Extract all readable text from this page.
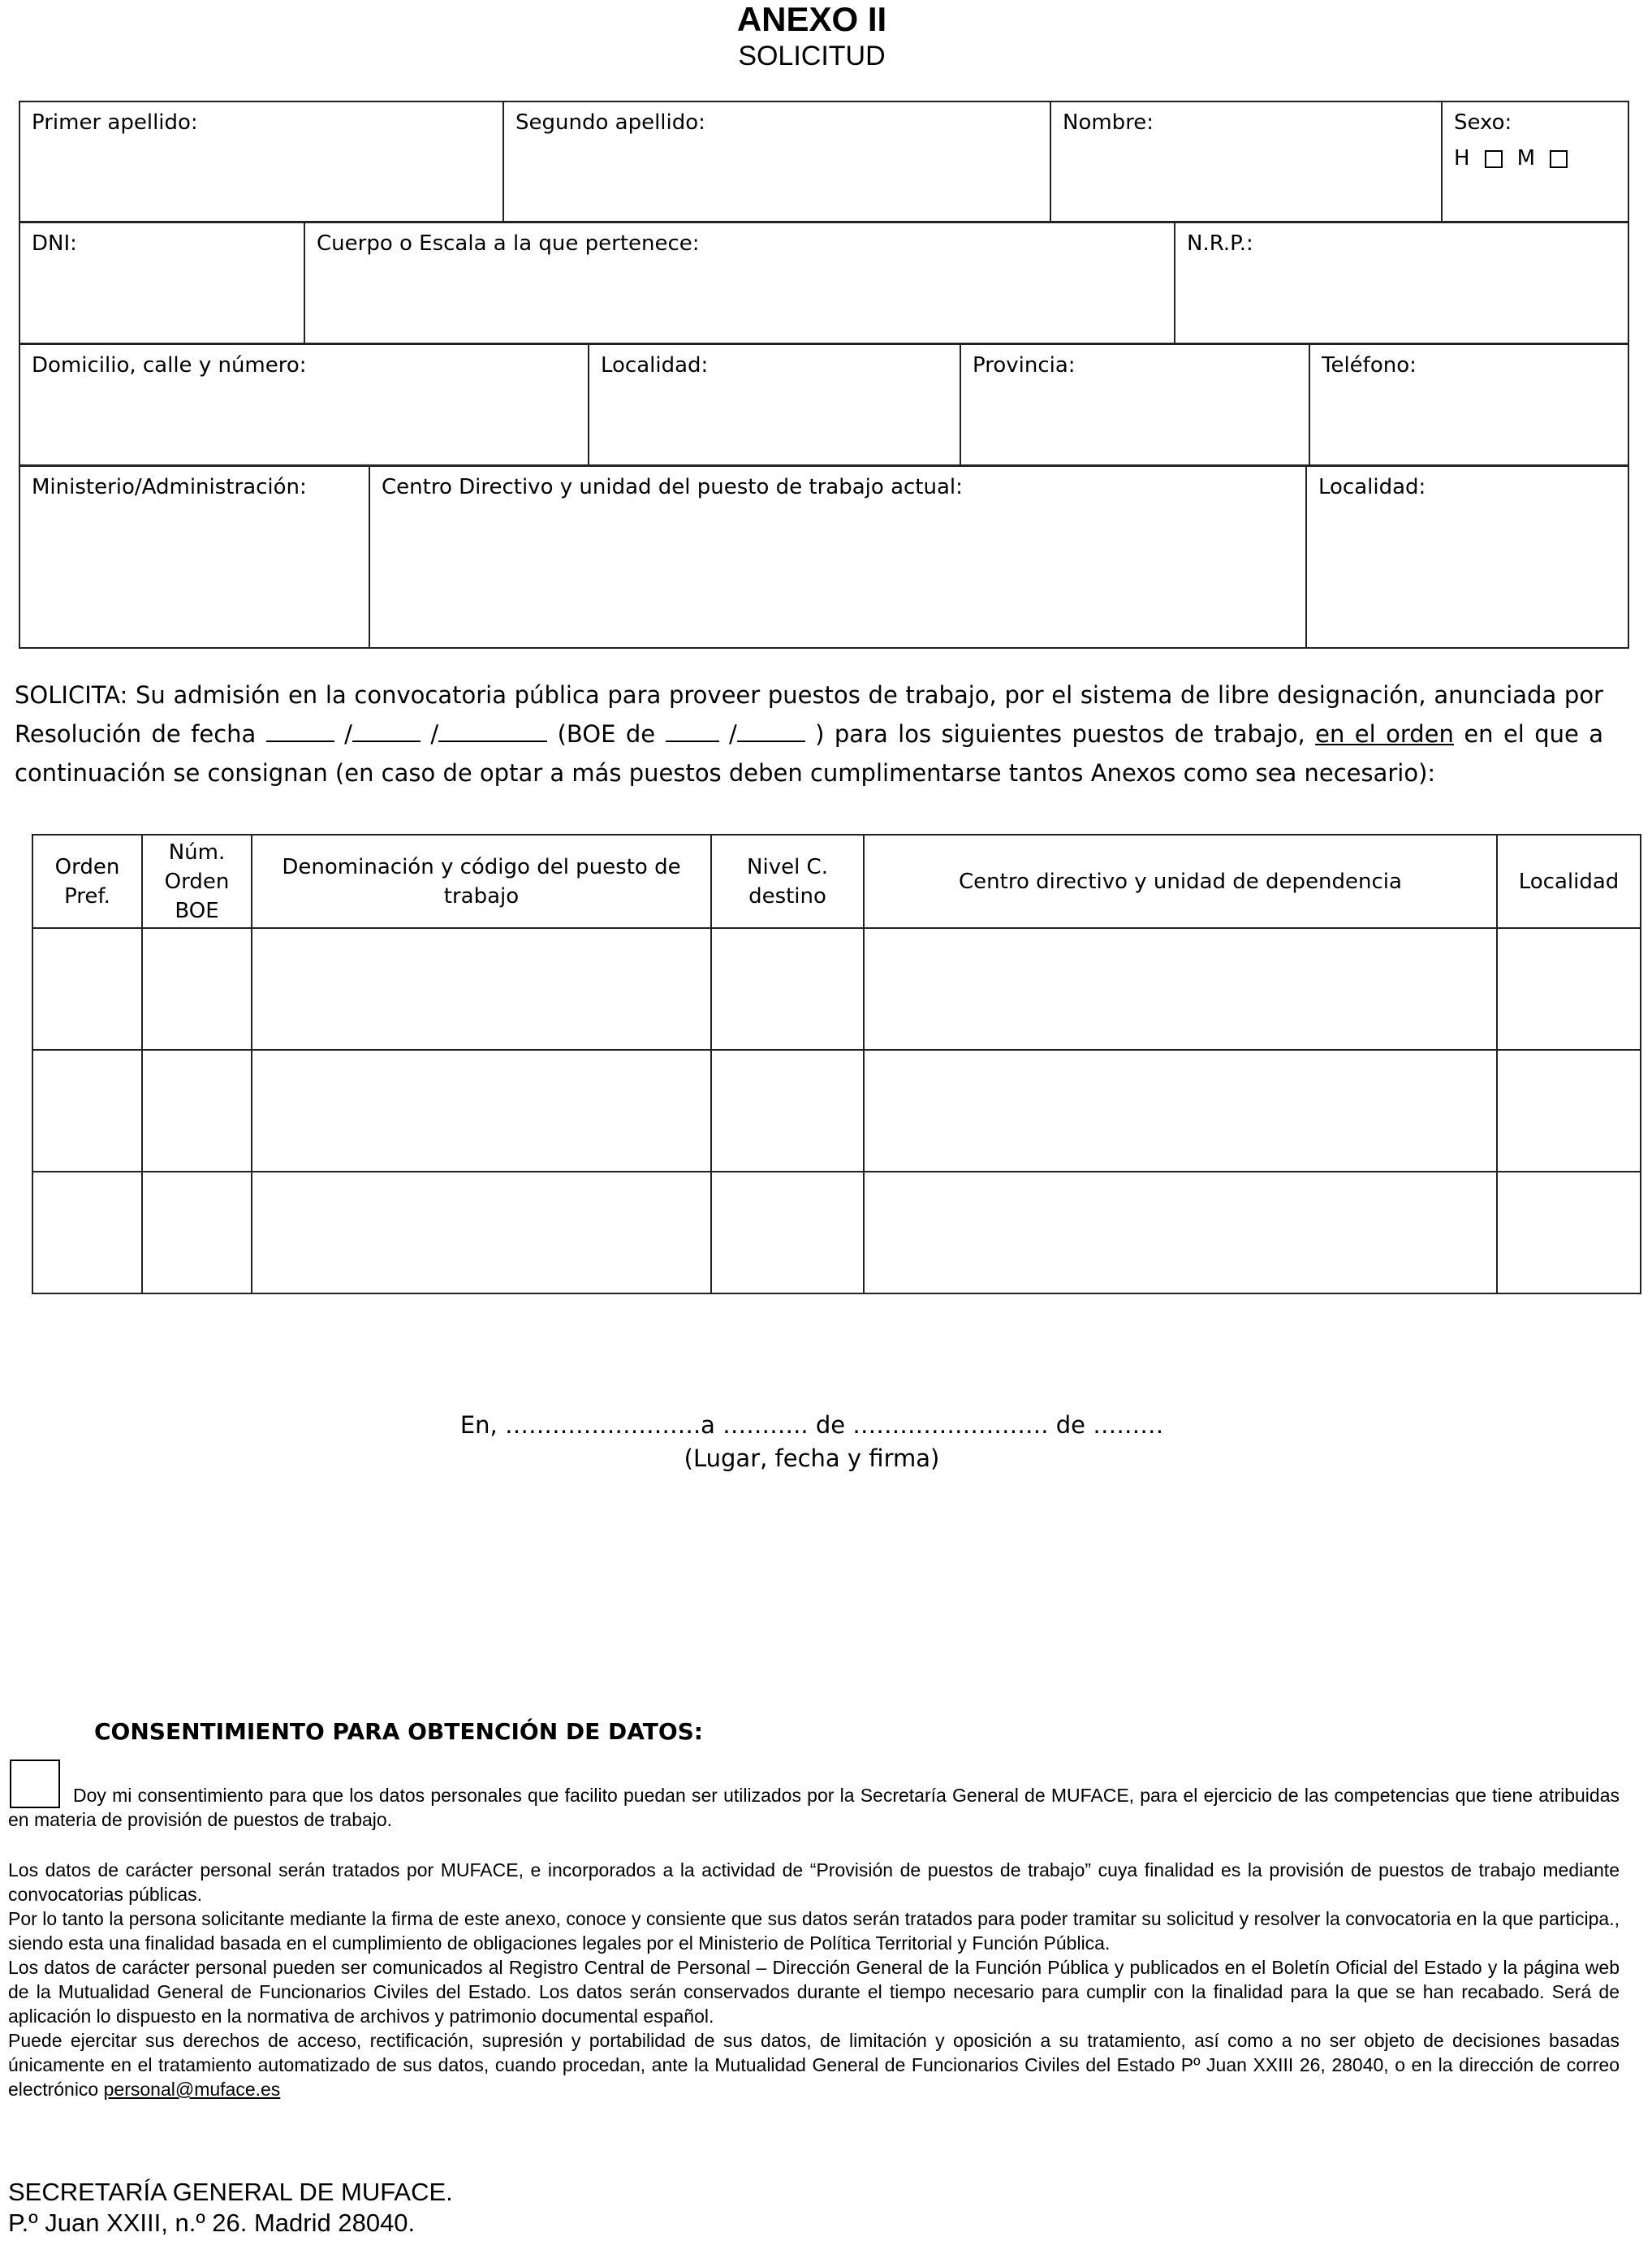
ANEXO II
SOLICITUD
Primer apellido:	Segundo apellido:	Nombre:	Sexo:
H M
DNI:	Cuerpo o Escala a la que pertenece:	N.R.P.:
Domicilio, calle y número:	Localidad:	Provincia:	Teléfono:
Ministerio/Administración:	Centro Directivo y unidad del puesto de trabajo actual:	Localidad:
SOLICITA: Su admisión en la convocatoria pública para proveer puestos de trabajo, por el sistema de libre designación, anunciada por Resolución de fecha	/	/	(BOE de	/	) para los siguientes puestos de trabajo, en el orden en el que a continuación se consignan (en caso de optar a más puestos deben cumplimentarse tantos Anexos como sea necesario):
Orden Pref.	Núm. Orden BOE	Denominación y código del puesto de trabajo	Nivel C. destino	Centro directivo y unidad de dependencia	Localidad

En, …………………….a ……….. de ……………………. de ………
(Lugar, fecha y firma)
CONSENTIMIENTO PARA OBTENCIÓN DE DATOS:
Doy mi consentimiento para que los datos personales que facilito puedan ser utilizados por la Secretaría General de MUFACE, para el ejercicio de las competencias que tiene atribuidas en materia de provisión de puestos de trabajo.
Los datos de carácter personal serán tratados por MUFACE, e incorporados a la actividad de “Provisión de puestos de trabajo” cuya finalidad es la provisión de puestos de trabajo mediante convocatorias públicas.
Por lo tanto la persona solicitante mediante la firma de este anexo, conoce y consiente que sus datos serán tratados para poder tramitar su solicitud y resolver la convocatoria en la que participa., siendo esta una finalidad basada en el cumplimiento de obligaciones legales por el Ministerio de Política Territorial y Función Pública.
Los datos de carácter personal pueden ser comunicados al Registro Central de Personal – Dirección General de la Función Pública y publicados en el Boletín Oficial del Estado y la página web de la Mutualidad General de Funcionarios Civiles del Estado. Los datos serán conservados durante el tiempo necesario para cumplir con la finalidad para la que se han recabado. Será de aplicación lo dispuesto en la normativa de archivos y patrimonio documental español.
Puede ejercitar sus derechos de acceso, rectificación, supresión y portabilidad de sus datos, de limitación y oposición a su tratamiento, así como a no ser objeto de decisiones basadas únicamente en el tratamiento automatizado de sus datos, cuando procedan, ante la Mutualidad General de Funcionarios Civiles del Estado Pº Juan XXIII 26, 28040, o en la dirección de correo electrónico personal@muface.es
SECRETARÍA GENERAL DE MUFACE.
P.º Juan XXIII, n.º 26. Madrid 28040.
